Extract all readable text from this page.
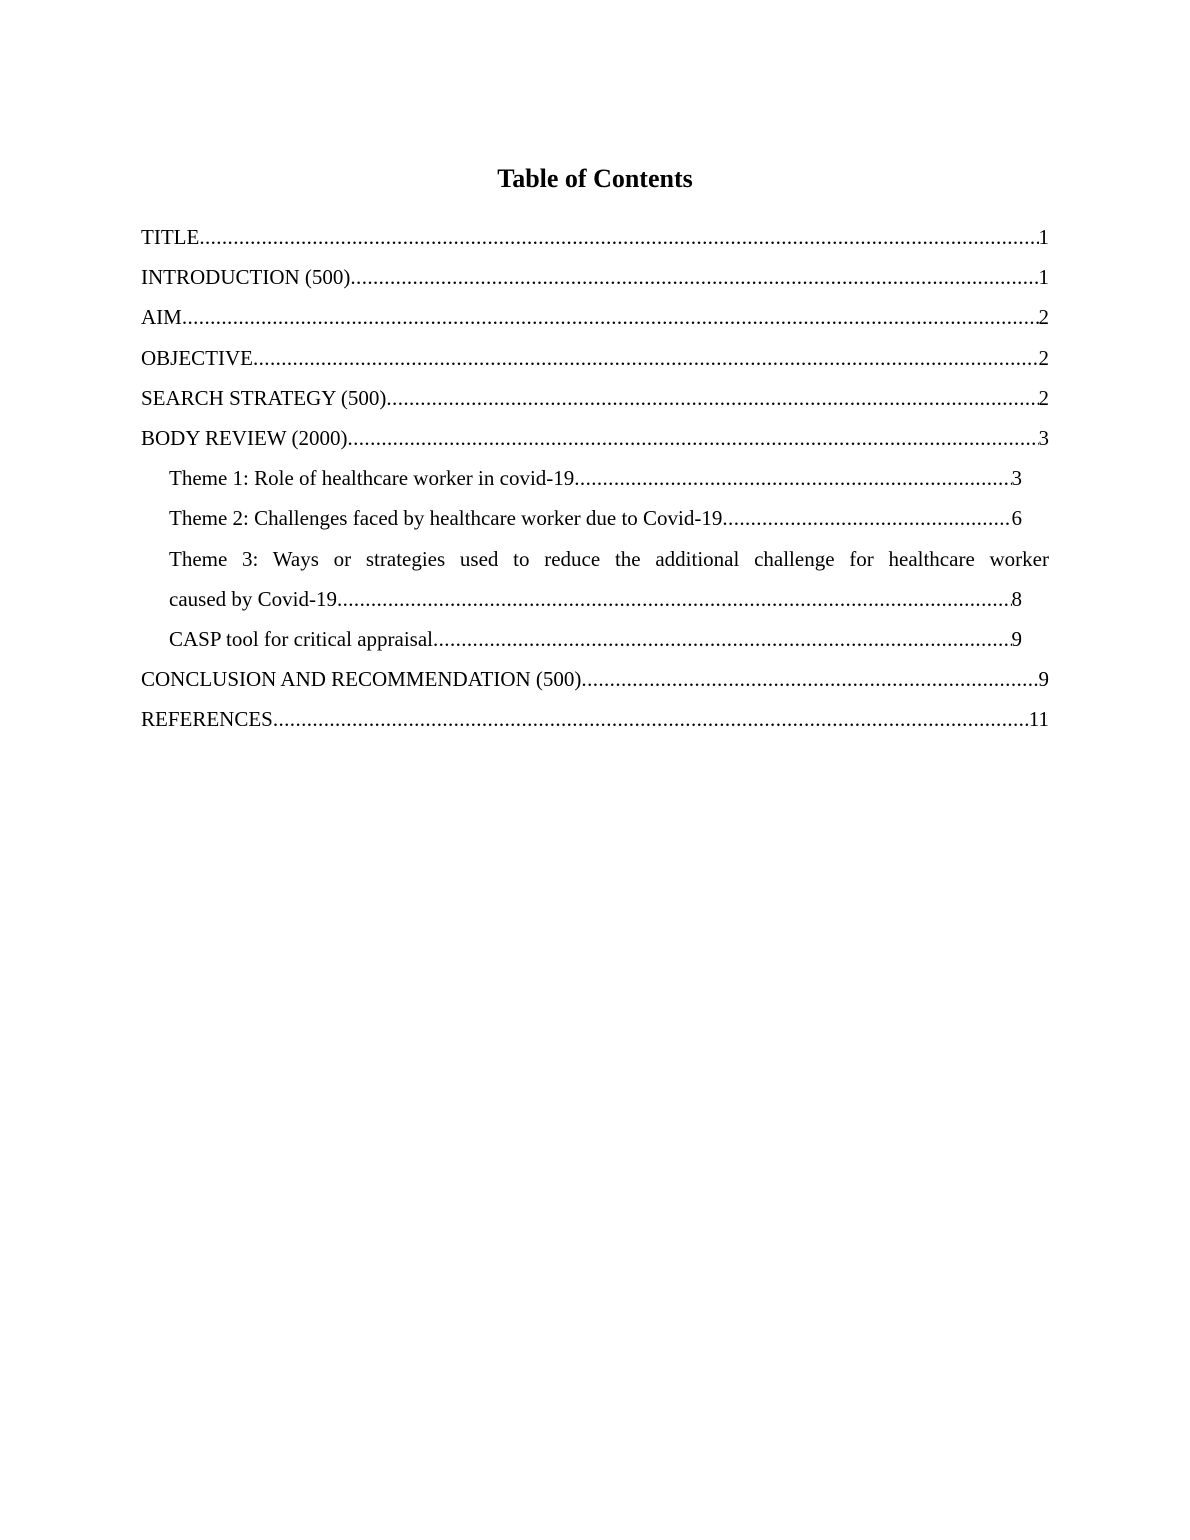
Table of Contents
TITLE .....	1
INTRODUCTION (500) .....	1
AIM .....	2
OBJECTIVE .....	2
SEARCH STRATEGY (500) .....	2
BODY REVIEW (2000) .....	3
Theme 1: Role of healthcare worker in covid-19 .....	3
Theme 2: Challenges faced by healthcare worker due to Covid-19 .....	6
Theme 3: Ways or strategies used to reduce the additional challenge for healthcare worker
caused by Covid-19 .....	8
CASP tool for critical appraisal .....	9
CONCLUSION AND RECOMMENDATION (500) .....	9
REFERENCES .....	11
